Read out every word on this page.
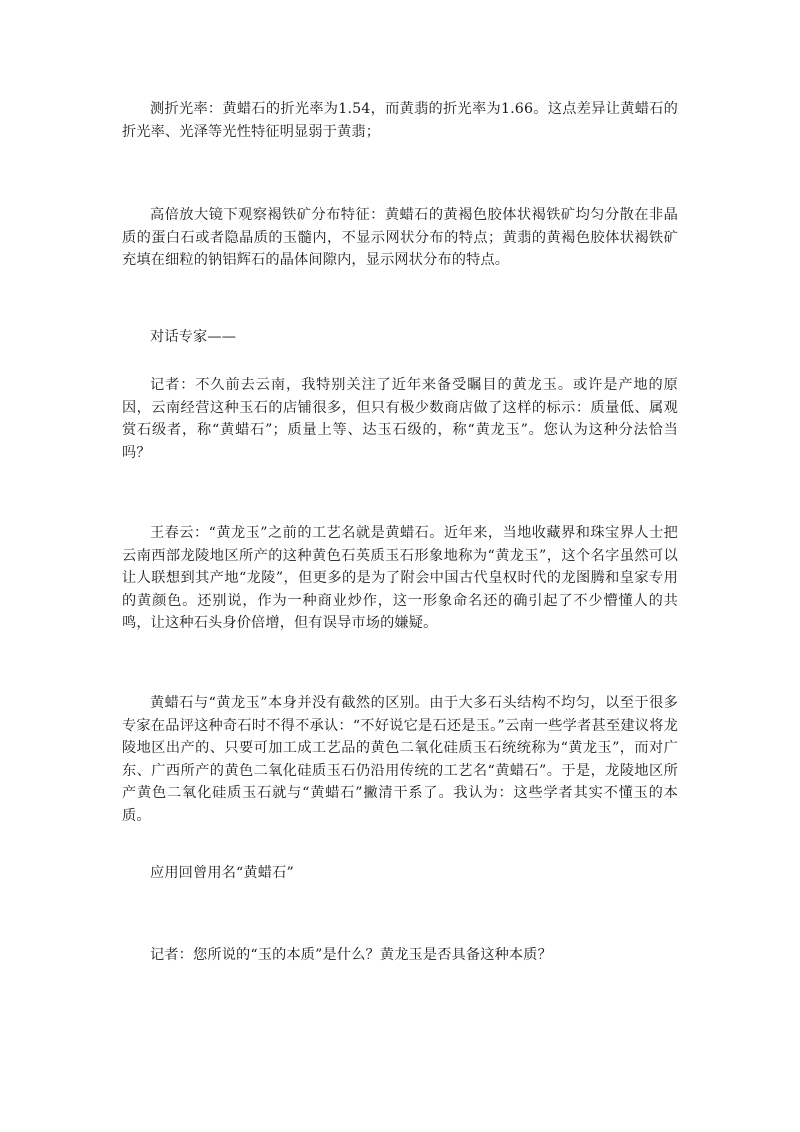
测折光率：黄蜡石的折光率为1.54，而黄翡的折光率为1.66。这点差异让黄蜡石的折光率、光泽等光性特征明显弱于黄翡；

高倍放大镜下观察褐铁矿分布特征：黄蜡石的黄褐色胶体状褐铁矿均匀分散在非晶质的蛋白石或者隐晶质的玉髓内，不显示网状分布的特点；黄翡的黄褐色胶体状褐铁矿充填在细粒的钠铝辉石的晶体间隙内，显示网状分布的特点。

对话专家——

记者：不久前去云南，我特别关注了近年来备受瞩目的黄龙玉。或许是产地的原因，云南经营这种玉石的店铺很多，但只有极少数商店做了这样的标示：质量低、属观赏石级者，称“黄蜡石”；质量上等、达玉石级的，称“黄龙玉”。您认为这种分法恰当吗？

王春云：“黄龙玉”之前的工艺名就是黄蜡石。近年来，当地收藏界和珠宝界人士把云南西部龙陵地区所产的这种黄色石英质玉石形象地称为“黄龙玉”，这个名字虽然可以让人联想到其产地“龙陵”，但更多的是为了附会中国古代皇权时代的龙图腾和皇家专用的黄颜色。还别说，作为一种商业炒作，这一形象命名还的确引起了不少懵懂人的共鸣，让这种石头身价倍增，但有误导市场的嫌疑。

黄蜡石与“黄龙玉”本身并没有截然的区别。由于大多石头结构不均匀，以至于很多专家在品评这种奇石时不得不承认：“不好说它是石还是玉。”云南一些学者甚至建议将龙陵地区出产的、只要可加工成工艺品的黄色二氧化硅质玉石统统称为“黄龙玉”，而对广东、广西所产的黄色二氧化硅质玉石仍沿用传统的工艺名“黄蜡石”。于是，龙陵地区所产黄色二氧化硅质玉石就与“黄蜡石”撇清干系了。我认为：这些学者其实不懂玉的本质。

应用回曾用名“黄蜡石”

记者：您所说的“玉的本质”是什么？黄龙玉是否具备这种本质？
